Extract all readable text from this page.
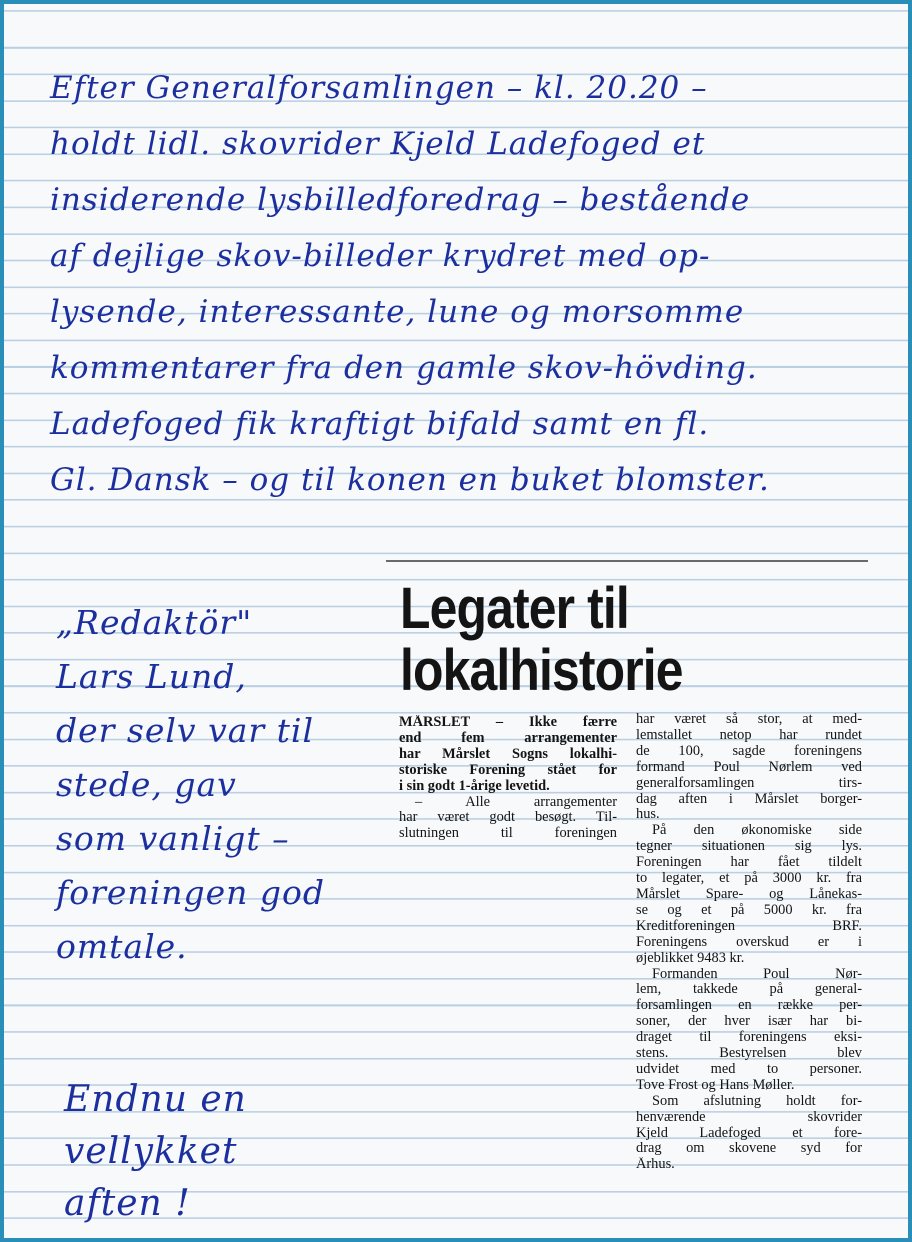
Efter Generalforsamlingen – kl. 20.20 –
holdt lidl. skovrider Kjeld Ladefoged et
insiderende lysbilledforedrag – bestående
af dejlige skov-billeder krydret med op-
lysende, interessante, lune og morsomme
kommentarer fra den gamle skov-hövding.
Ladefoged fik kraftigt bifald samt en fl.
Gl. Dansk – og til konen en buket blomster.
„Redaktör"
Lars Lund,
der selv var til
stede, gav
som vanligt –
foreningen god
omtale.
Endnu en
vellykket
aften !
Legater til
lokalhistorie
MÅRSLET – Ikke færre
end fem arrangementer
har Mårslet Sogns lokalhi-
storiske Forening stået for
i sin godt 1-årige levetid.
– Alle arrangementer
har været godt besøgt. Til-
slutningen til foreningen
har været så stor, at med-
lemstallet netop har rundet
de 100, sagde foreningens
formand Poul Nørlem ved
generalforsamlingen tirs-
dag aften i Mårslet borger-
hus.
På den økonomiske side
tegner situationen sig lys.
Foreningen har fået tildelt
to legater, et på 3000 kr. fra
Mårslet Spare- og Lånekas-
se og et på 5000 kr. fra
Kreditforeningen BRF.
Foreningens overskud er i
øjeblikket 9483 kr.
Formanden Poul Nør-
lem, takkede på general-
forsamlingen en række per-
soner, der hver især har bi-
draget til foreningens eksi-
stens. Bestyrelsen blev
udvidet med to personer.
Tove Frost og Hans Møller.
Som afslutning holdt for-
henværende skovrider
Kjeld Ladefoged et fore-
drag om skovene syd for
Århus.
